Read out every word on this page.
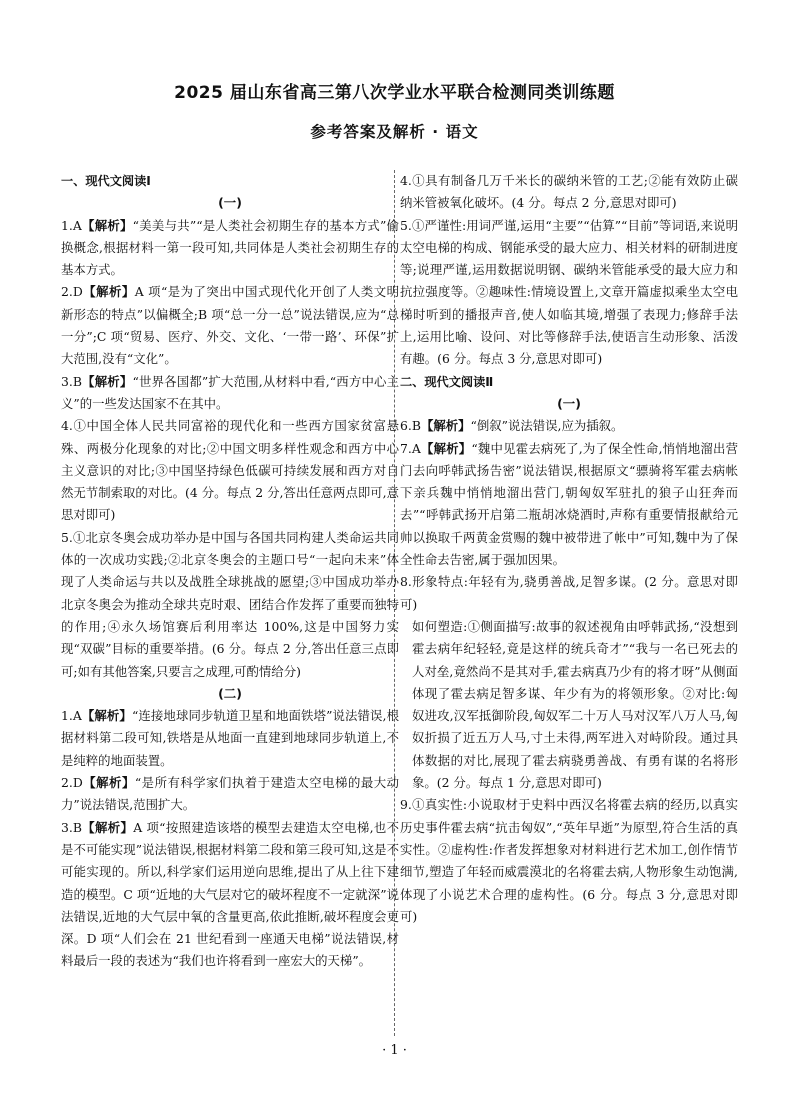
2025 届山东省高三第八次学业水平联合检测同类训练题
参考答案及解析 · 语文
一、现代文阅读Ⅰ
(一)
1.A【解析】“美美与共”“是人类社会初期生存的基本方式”偷换概念,根据材料一第一段可知,共同体是人类社会初期生存的基本方式。
2.D【解析】A 项“是为了突出中国式现代化开创了人类文明新形态的特点”以偏概全;B 项“总一分一总”说法错误,应为“总一分”;C 项“贸易、医疗、外交、文化、‘一带一路’、环保”扩大范围,没有“文化”。
3.B【解析】“世界各国都”扩大范围,从材料中看,“西方中心主义”的一些发达国家不在其中。
4.①中国全体人民共同富裕的现代化和一些西方国家贫富悬殊、两极分化现象的对比;②中国文明多样性观念和西方中心主义意识的对比;③中国坚持绿色低碳可持续发展和西方对自然无节制索取的对比。(4 分。每点 2 分,答出任意两点即可,意思对即可)
5.①北京冬奥会成功举办是中国与各国共同构建人类命运共同体的一次成功实践;②北京冬奥会的主题口号“一起向未来”体现了人类命运与共以及战胜全球挑战的愿望;③中国成功举办北京冬奥会为推动全球共克时艰、团结合作发挥了重要而独特的作用;④永久场馆赛后利用率达 100%,这是中国努力实现“双碳”目标的重要举措。(6 分。每点 2 分,答出任意三点即可;如有其他答案,只要言之成理,可酌情给分)
(二)
1.A【解析】“连接地球同步轨道卫星和地面铁塔”说法错误,根据材料第二段可知,铁塔是从地面一直建到地球同步轨道上,不是纯粹的地面装置。
2.D【解析】“是所有科学家们执着于建造太空电梯的最大动力”说法错误,范围扩大。
3.B【解析】A 项“按照建造该塔的模型去建造太空电梯,也不是不可能实现”说法错误,根据材料第二段和第三段可知,这是不可能实现的。所以,科学家们运用逆向思维,提出了从上往下建造的模型。C 项“近地的大气层对它的破坏程度不一定就深”说法错误,近地的大气层中氧的含量更高,依此推断,破坏程度会更深。D 项“人们会在 21 世纪看到一座通天电梯”说法错误,材料最后一段的表述为“我们也许将看到一座宏大的天梯”。
4.①具有制备几万千米长的碳纳米管的工艺;②能有效防止碳纳米管被氧化破坏。(4 分。每点 2 分,意思对即可)
5.①严谨性:用词严谨,运用“主要”“估算”“目前”等词语,来说明太空电梯的构成、钢能承受的最大应力、相关材料的研制进度等;说理严谨,运用数据说明钢、碳纳米管能承受的最大应力和抗拉强度等。②趣味性:情境设置上,文章开篇虚拟乘坐太空电梯时听到的播报声音,使人如临其境,增强了表现力;修辞手法上,运用比喻、设问、对比等修辞手法,使语言生动形象、活泼有趣。(6 分。每点 3 分,意思对即可)
二、现代文阅读Ⅱ
(一)
6.B【解析】“倒叙”说法错误,应为插叙。
7.A【解析】“魏中见霍去病死了,为了保全性命,悄悄地溜出营门去向呼韩武扬告密”说法错误,根据原文“骠骑将军霍去病帐下亲兵魏中悄悄地溜出营门,朝匈奴军驻扎的狼子山狂奔而去”“呼韩武扬开启第二瓶胡冰烧酒时,声称有重要情报献给元帅以换取千两黄金赏赐的魏中被带进了帐中”可知,魏中为了保全性命去告密,属于强加因果。
8.形象特点:年轻有为,骁勇善战,足智多谋。(2 分。意思对即可)
如何塑造:①侧面描写:故事的叙述视角由呼韩武扬,“没想到霍去病年纪轻轻,竟是这样的统兵奇才”“我与一名已死去的人对垒,竟然尚不是其对手,霍去病真乃少有的将才呀”从侧面体现了霍去病足智多谋、年少有为的将领形象。②对比:匈奴进攻,汉军抵御阶段,匈奴军二十万人马对汉军八万人马,匈奴折损了近五万人马,寸土未得,两军进入对峙阶段。通过具体数据的对比,展现了霍去病骁勇善战、有勇有谋的名将形象。(2 分。每点 1 分,意思对即可)
9.①真实性:小说取材于史料中西汉名将霍去病的经历,以真实历史事件霍去病“抗击匈奴”,“英年早逝”为原型,符合生活的真实性。②虚构性:作者发挥想象对材料进行艺术加工,创作情节细节,塑造了年轻而威震漠北的名将霍去病,人物形象生动饱满,体现了小说艺术合理的虚构性。(6 分。每点 3 分,意思对即可)
· 1 ·
